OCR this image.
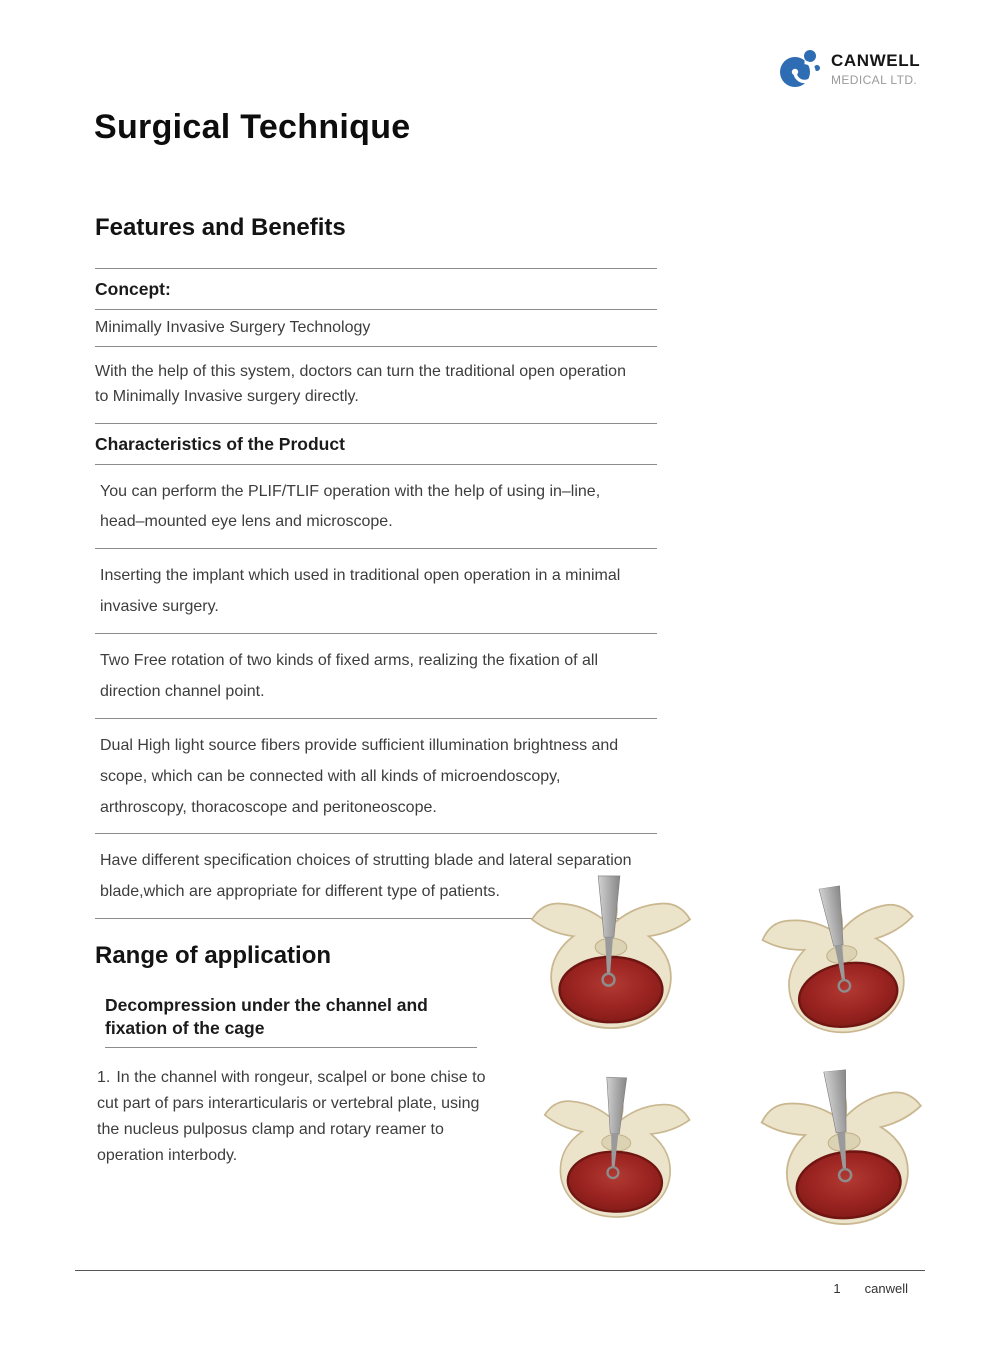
CANWELL
MEDICAL LTD.
Surgical Technique
Features and Benefits
Concept:

Minimally Invasive Surgery Technology

With the help of this system, doctors can turn the traditional open operation to Minimally Invasive surgery directly.

Characteristics of the Product

You can perform the PLIF/TLIF operation with the help of using in–line, head–mounted eye lens and microscope.

Inserting the implant which used in traditional open operation in a minimal invasive surgery.

Two Free rotation of two kinds of fixed arms, realizing the fixation of all direction channel point.

Dual High light source fibers provide sufficient illumination brightness and scope, which can be connected with all kinds of microendoscopy, arthroscopy, thoracoscope and peritoneoscope.

Have different specification choices of strutting blade and lateral separation blade,which are appropriate for different type of patients.

Range of application
Decompression under the channel and fixation of the cage

1. In the channel with rongeur, scalpel or bone chise to cut part of pars interarticularis or vertebral plate, using the nucleus pulposus clamp and rotary reamer to operation interbody.

1 canwell
